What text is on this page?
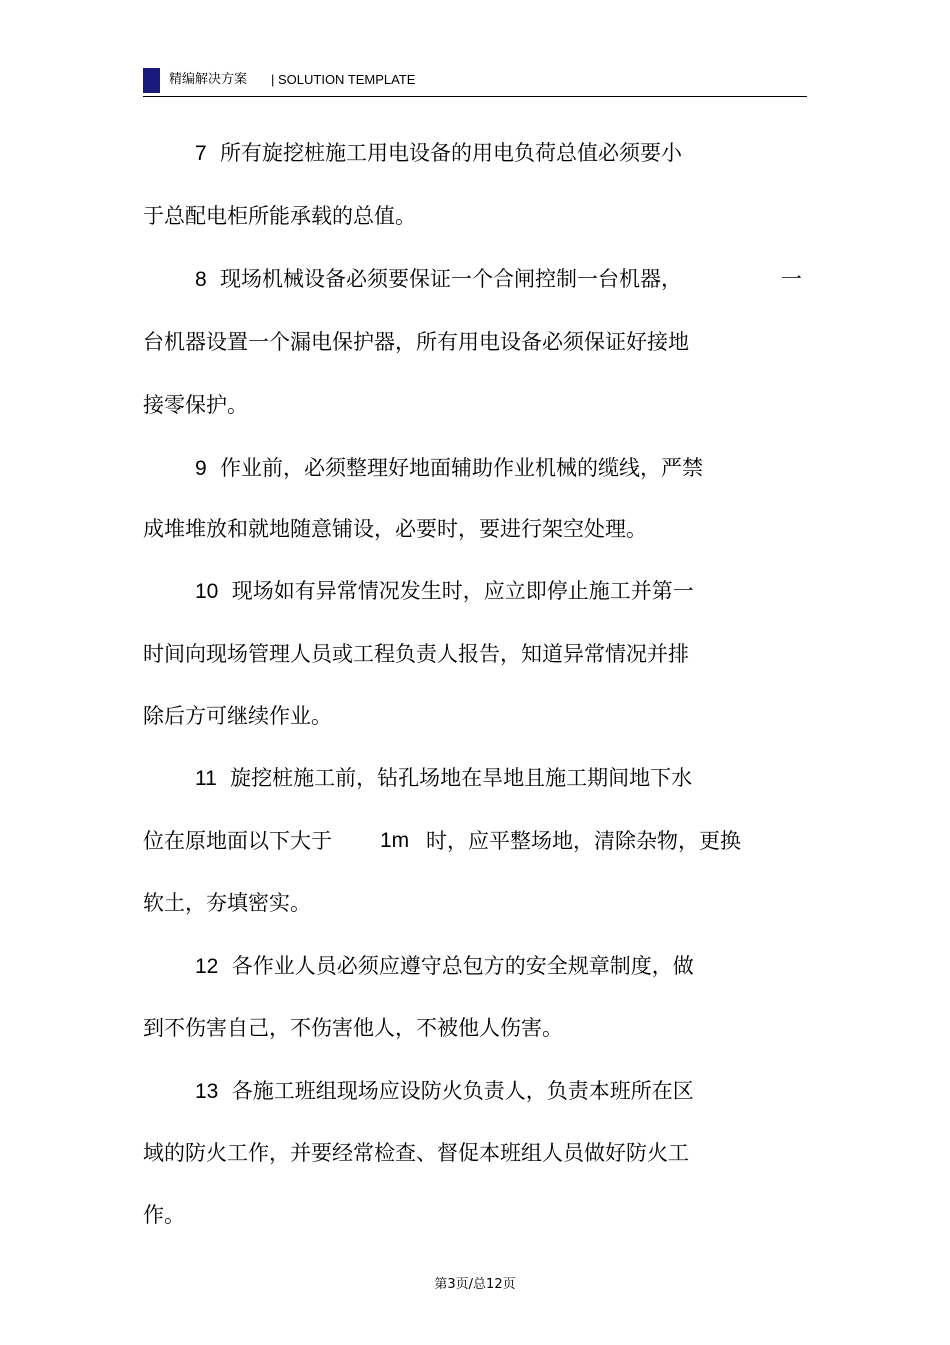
精编解决方案 | SOLUTION TEMPLATE
7 所有旋挖桩施工用电设备的用电负荷总值必须要小
于总配电柜所能承载的总值。
8 现场机械设备必须要保证一个合闸控制一台机器，	一
台机器设置一个漏电保护器，所有用电设备必须保证好接地
接零保护。
9 作业前，必须整理好地面辅助作业机械的缆线，严禁
成堆堆放和就地随意铺设，必要时，要进行架空处理。
10 现场如有异常情况发生时，应立即停止施工并第一
时间向现场管理人员或工程负责人报告，知道异常情况并排
除后方可继续作业。
11 旋挖桩施工前，钻孔场地在旱地且施工期间地下水
位在原地面以下大于 1m 时，应平整场地，清除杂物，更换
软土，夯填密实。
12 各作业人员必须应遵守总包方的安全规章制度，做
到不伤害自己，不伤害他人，不被他人伤害。
13 各施工班组现场应设防火负责人，负责本班所在区
域的防火工作，并要经常检查、督促本班组人员做好防火工
作。
第3页/总12页
